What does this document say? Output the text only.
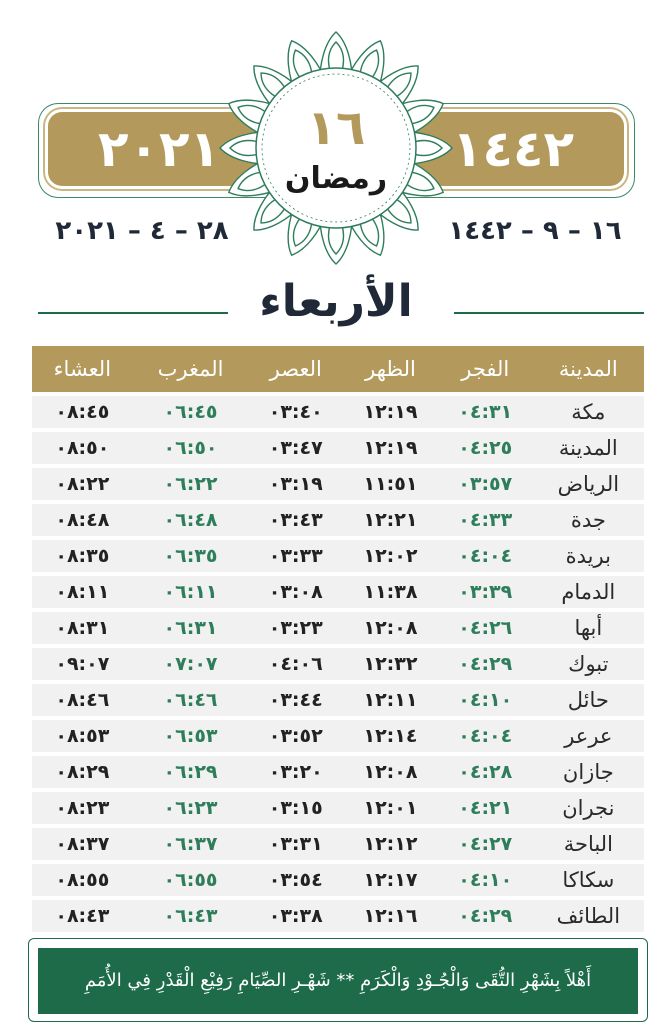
٢٠٢١	١٤٤٢
١٦
رمضان
١٦ – ٩ – ١٤٤٢
٢٨ – ٤ – ٢٠٢١
الأربعاء
المدينة	الفجر	الظهر	العصر	المغرب	العشاء
مكة	٠٤:٣١	١٢:١٩	٠٣:٤٠	٠٦:٤٥	٠٨:٤٥
المدينة	٠٤:٢٥	١٢:١٩	٠٣:٤٧	٠٦:٥٠	٠٨:٥٠
الرياض	٠٣:٥٧	١١:٥١	٠٣:١٩	٠٦:٢٢	٠٨:٢٢
جدة	٠٤:٣٣	١٢:٢١	٠٣:٤٣	٠٦:٤٨	٠٨:٤٨
بريدة	٠٤:٠٤	١٢:٠٢	٠٣:٣٣	٠٦:٣٥	٠٨:٣٥
الدمام	٠٣:٣٩	١١:٣٨	٠٣:٠٨	٠٦:١١	٠٨:١١
أبها	٠٤:٢٦	١٢:٠٨	٠٣:٢٣	٠٦:٣١	٠٨:٣١
تبوك	٠٤:٢٩	١٢:٣٢	٠٤:٠٦	٠٧:٠٧	٠٩:٠٧
حائل	٠٤:١٠	١٢:١١	٠٣:٤٤	٠٦:٤٦	٠٨:٤٦
عرعر	٠٤:٠٤	١٢:١٤	٠٣:٥٢	٠٦:٥٣	٠٨:٥٣
جازان	٠٤:٢٨	١٢:٠٨	٠٣:٢٠	٠٦:٢٩	٠٨:٢٩
نجران	٠٤:٢١	١٢:٠١	٠٣:١٥	٠٦:٢٣	٠٨:٢٣
الباحة	٠٤:٢٧	١٢:١٢	٠٣:٣١	٠٦:٣٧	٠٨:٣٧
سكاكا	٠٤:١٠	١٢:١٧	٠٣:٥٤	٠٦:٥٥	٠٨:٥٥
الطائف	٠٤:٢٩	١٢:١٦	٠٣:٣٨	٠٦:٤٣	٠٨:٤٣
أَهْلاً بِشَهْرِ التُّقَى وَالْجُـوْدِ وَالْكَرَمِ ** شَهْـرِ الصِّيَامِ رَفِيْعِ الْقَدْرِ فِي الأُمَمِ
